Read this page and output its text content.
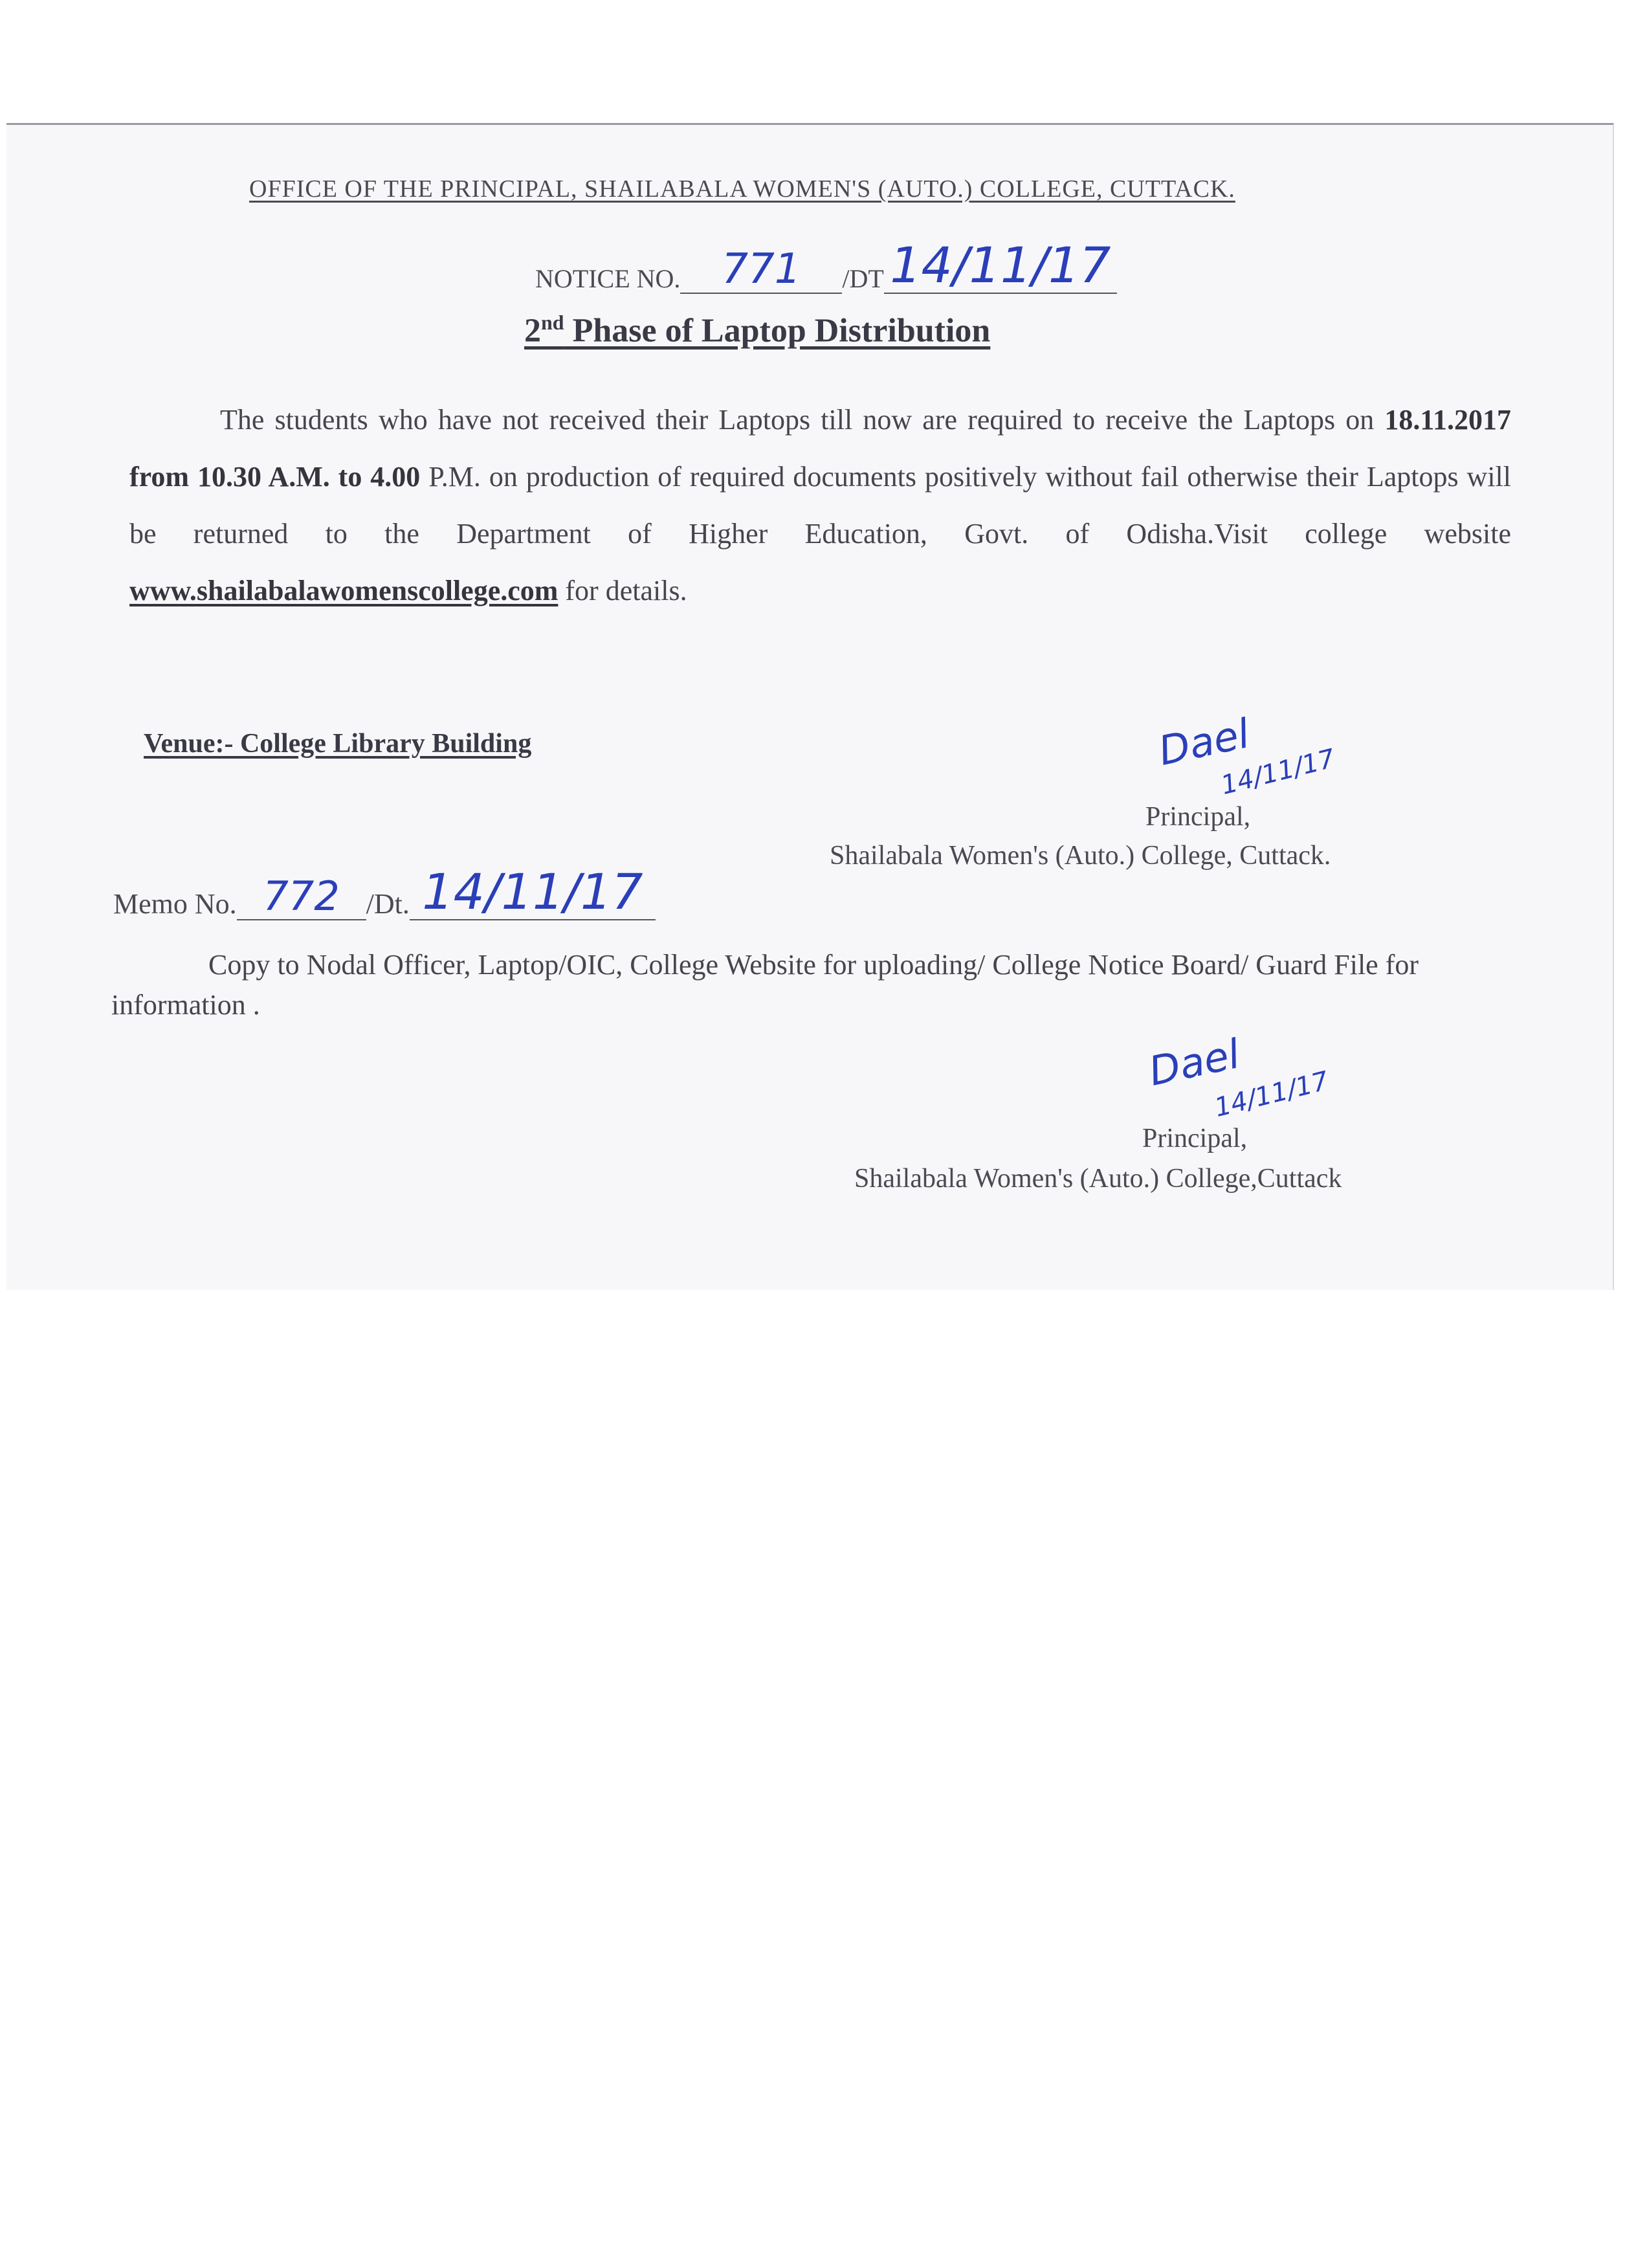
OFFICE OF THE PRINCIPAL, SHAILABALA WOMEN'S (AUTO.) COLLEGE, CUTTACK.
NOTICE NO. 771	/DT 14/11/17
2nd Phase of Laptop Distribution
The students who have not received their Laptops till now are required to receive the Laptops on 18.11.2017 from 10.30 A.M. to 4.00 P.M. on production of required documents positively without fail otherwise their Laptops will be returned to the Department of Higher Education, Govt. of Odisha.Visit college website www.shailabalawomenscollege.com for details.
Venue:- College Library Building	Dael
14/11/17
Principal,
Shailabala Women's (Auto.) College, Cuttack.
Memo No. 772 /Dt. 14/11/17
Copy to Nodal Officer, Laptop/OIC, College Website for uploading/ College Notice Board/ Guard File for information .
Dael
14/11/17
Principal,
Shailabala Women's (Auto.) College,Cuttack
